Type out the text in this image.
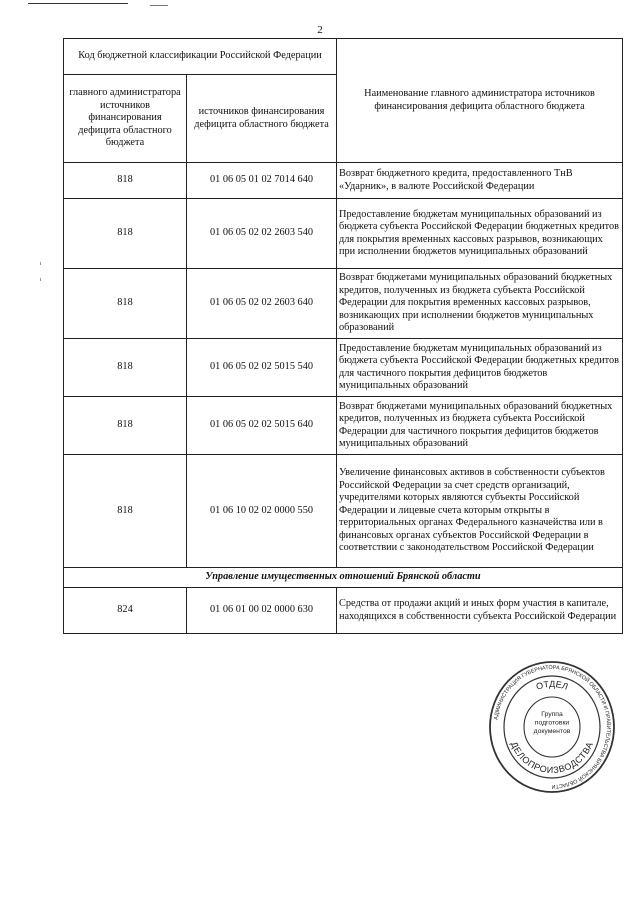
2
Код бюджетной классификации Российской Федерации		Наименование главного администратора источников финансирования дефицита областного бюджета
главного администратора источников финансирования дефицита областного бюджета	источников финансирования дефицита областного бюджета	
818	01 06 05 01 02 7014 640	Возврат бюджетного кредита, предоставленного ТнВ «Ударник», в валюте Российской Федерации
818	01 06 05 02 02 2603 540	Предоставление бюджетам муниципальных образований из бюджета субъекта Российской Федерации бюджетных кредитов для покрытия временных кассовых разрывов, возникающих при исполнении бюджетов муниципальных образований
818	01 06 05 02 02 2603 640	Возврат бюджетами муниципальных образований бюджетных кредитов, полученных из бюджета субъекта Российской Федерации для покрытия временных кассовых разрывов, возникающих при исполнении бюджетов муниципальных образований
818	01 06 05 02 02 5015 540	Предоставление бюджетам муниципальных образований из бюджета субъекта Российской Федерации бюджетных кредитов для частичного покрытия дефицитов бюджетов муниципальных образований
818	01 06 05 02 02 5015 640	Возврат бюджетами муниципальных образований бюджетных кредитов, полученных из бюджета субъекта Российской Федерации для частичного покрытия дефицитов бюджетов муниципальных образований
818	01 06 10 02 02 0000 550	Увеличение финансовых активов в собственности субъектов Российской Федерации за счет средств организаций, учредителями которых являются субъекты Российской Федерации и лицевые счета которым открыты в территориальных органах Федерального казначейства или в финансовых органах субъектов Российской Федерации в соответствии с законодательством Российской Федерации
Управление имущественных отношений Брянской области		
824	01 06 01 00 02 0000 630	Средства от продажи акций и иных форм участия в капитале, находящихся в собственности субъекта Российской Федерации
АДМИНИСТРАЦИЯ ГУБЕРНАТОРА БРЯНСКОЙ ОБЛАСТИ И ПРАВИТЕЛЬСТВА БРЯНСКОЙ ОБЛАСТИ
ОТДЕЛ
ДЕЛОПРОИЗВОДСТВА
Группа подготовки документов
